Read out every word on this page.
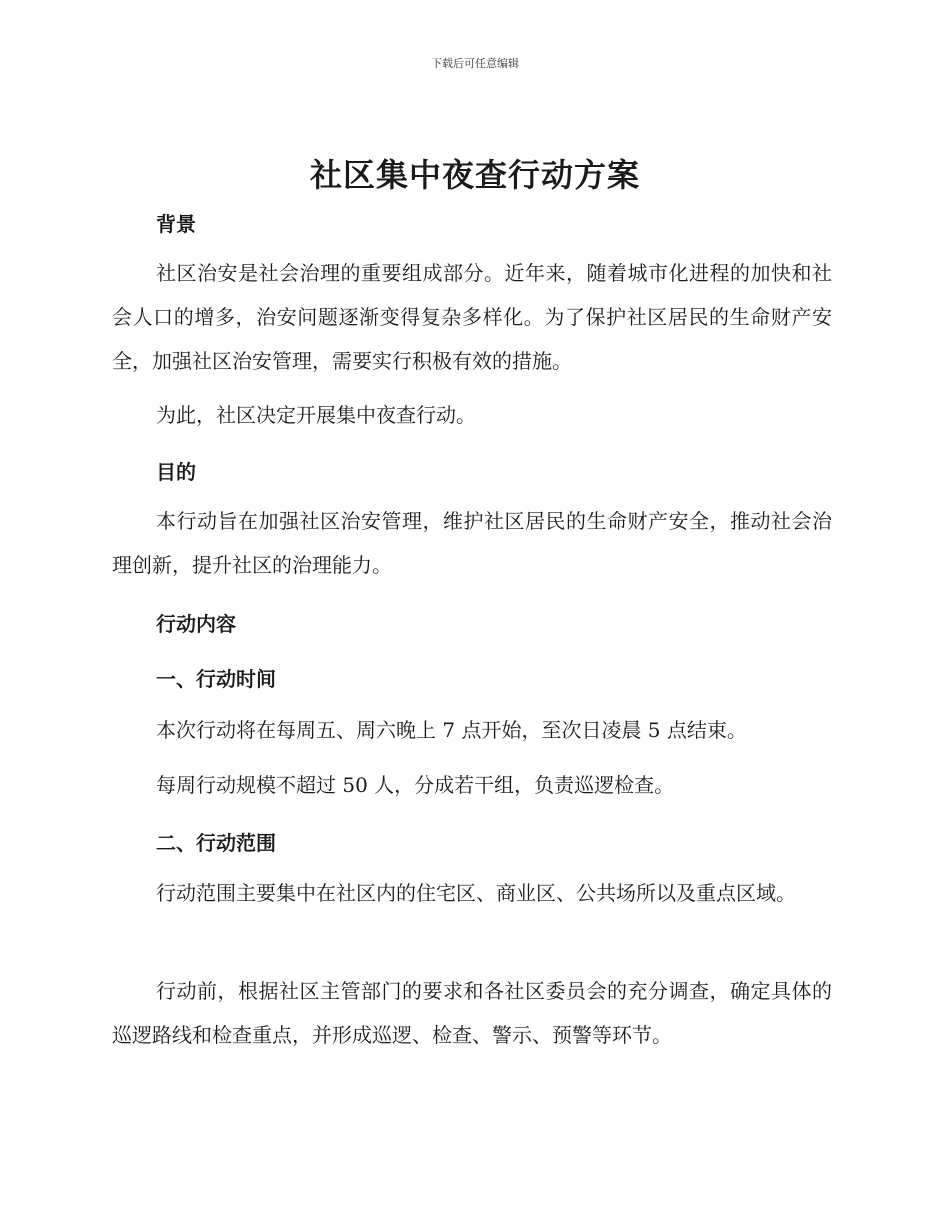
下载后可任意编辑
社区集中夜查行动方案
背景
社区治安是社会治理的重要组成部分。近年来，随着城市化进程的加快和社会人口的增多，治安问题逐渐变得复杂多样化。为了保护社区居民的生命财产安全，加强社区治安管理，需要实行积极有效的措施。
为此，社区决定开展集中夜查行动。
目的
本行动旨在加强社区治安管理，维护社区居民的生命财产安全，推动社会治理创新，提升社区的治理能力。
行动内容
一、行动时间
本次行动将在每周五、周六晚上 7 点开始，至次日凌晨 5 点结束。
每周行动规模不超过 50 人，分成若干组，负责巡逻检查。
二、行动范围
行动范围主要集中在社区内的住宅区、商业区、公共场所以及重点区域。
行动前，根据社区主管部门的要求和各社区委员会的充分调查，确定具体的巡逻路线和检查重点，并形成巡逻、检查、警示、预警等环节。
